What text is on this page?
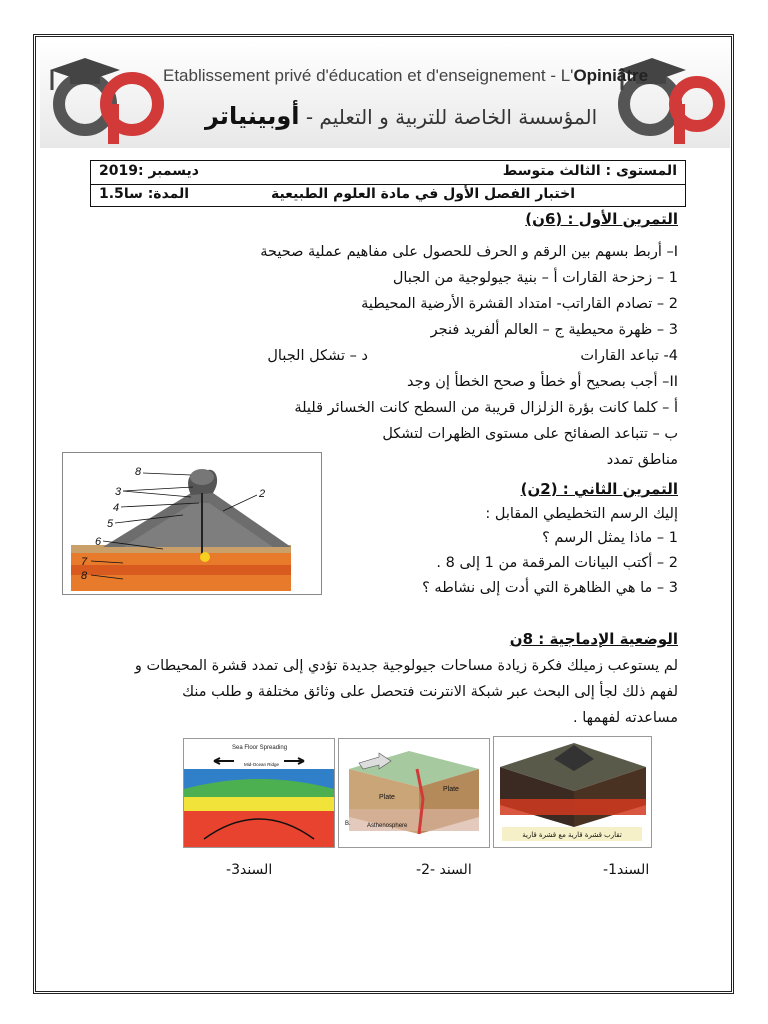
Etablissement privé d'éducation et d'enseignement - L'Opiniâtre
المؤسسة الخاصة للتربية و التعليم - أوبينياتر
المستوى : الثالث متوسط
ديسمبر :2019
اختبار الفصل الأول في مادة العلوم الطبيعية
المدة: سا1.5
التمرين الأول : (6ن)
I– أربط بسهم بين الرقم و الحرف للحصول على مفاهيم عملية صحيحة
1 – زحزحة القارات أ – بنية جيولوجية من الجبال
2 – تصادم القاراتب- امتداد القشرة الأرضية المحيطية
3 – ظهرة محيطية ج – العالم ألفريد فنجر
4- تباعد القارات
د – تشكل الجبال
II– أجب بصحيح أو خطأ و صحح الخطأ إن وجد
أ – كلما كانت بؤرة الزلزال قريبة من السطح كانت الخسائر قليلة
ب – تتباعد الصفائح على مستوى الظهرات لتشكل
مناطق تمدد
8
3
4
5
6
7
8
2	التمرين الثاني : (2ن)
إليك الرسم التخطيطي المقابل :
1 – ماذا يمثل الرسم ؟
2 – أكتب البيانات المرقمة من 1 إلى 8 .
3 – ما هي الظاهرة التي أدت إلى نشاطه ؟
الوضعية الإدماجية : 8ن
لم يستوعب زميلك فكرة زيادة مساحات جيولوجية جديدة تؤدي إلى تمدد قشرة المحيطات و
لفهم ذلك لجأ إلى البحث عبر شبكة الانترنت فتحصل على وثائق مختلفة و طلب منك
مساعدته لفهمها .
Sea Floor Spreading
Mid-Ocean Ridge
Plate
Plate
Asthenosphere
B.
تقارب قشرة قارية مع قشرة قارية
السند1-
السند -2-
السند3-
